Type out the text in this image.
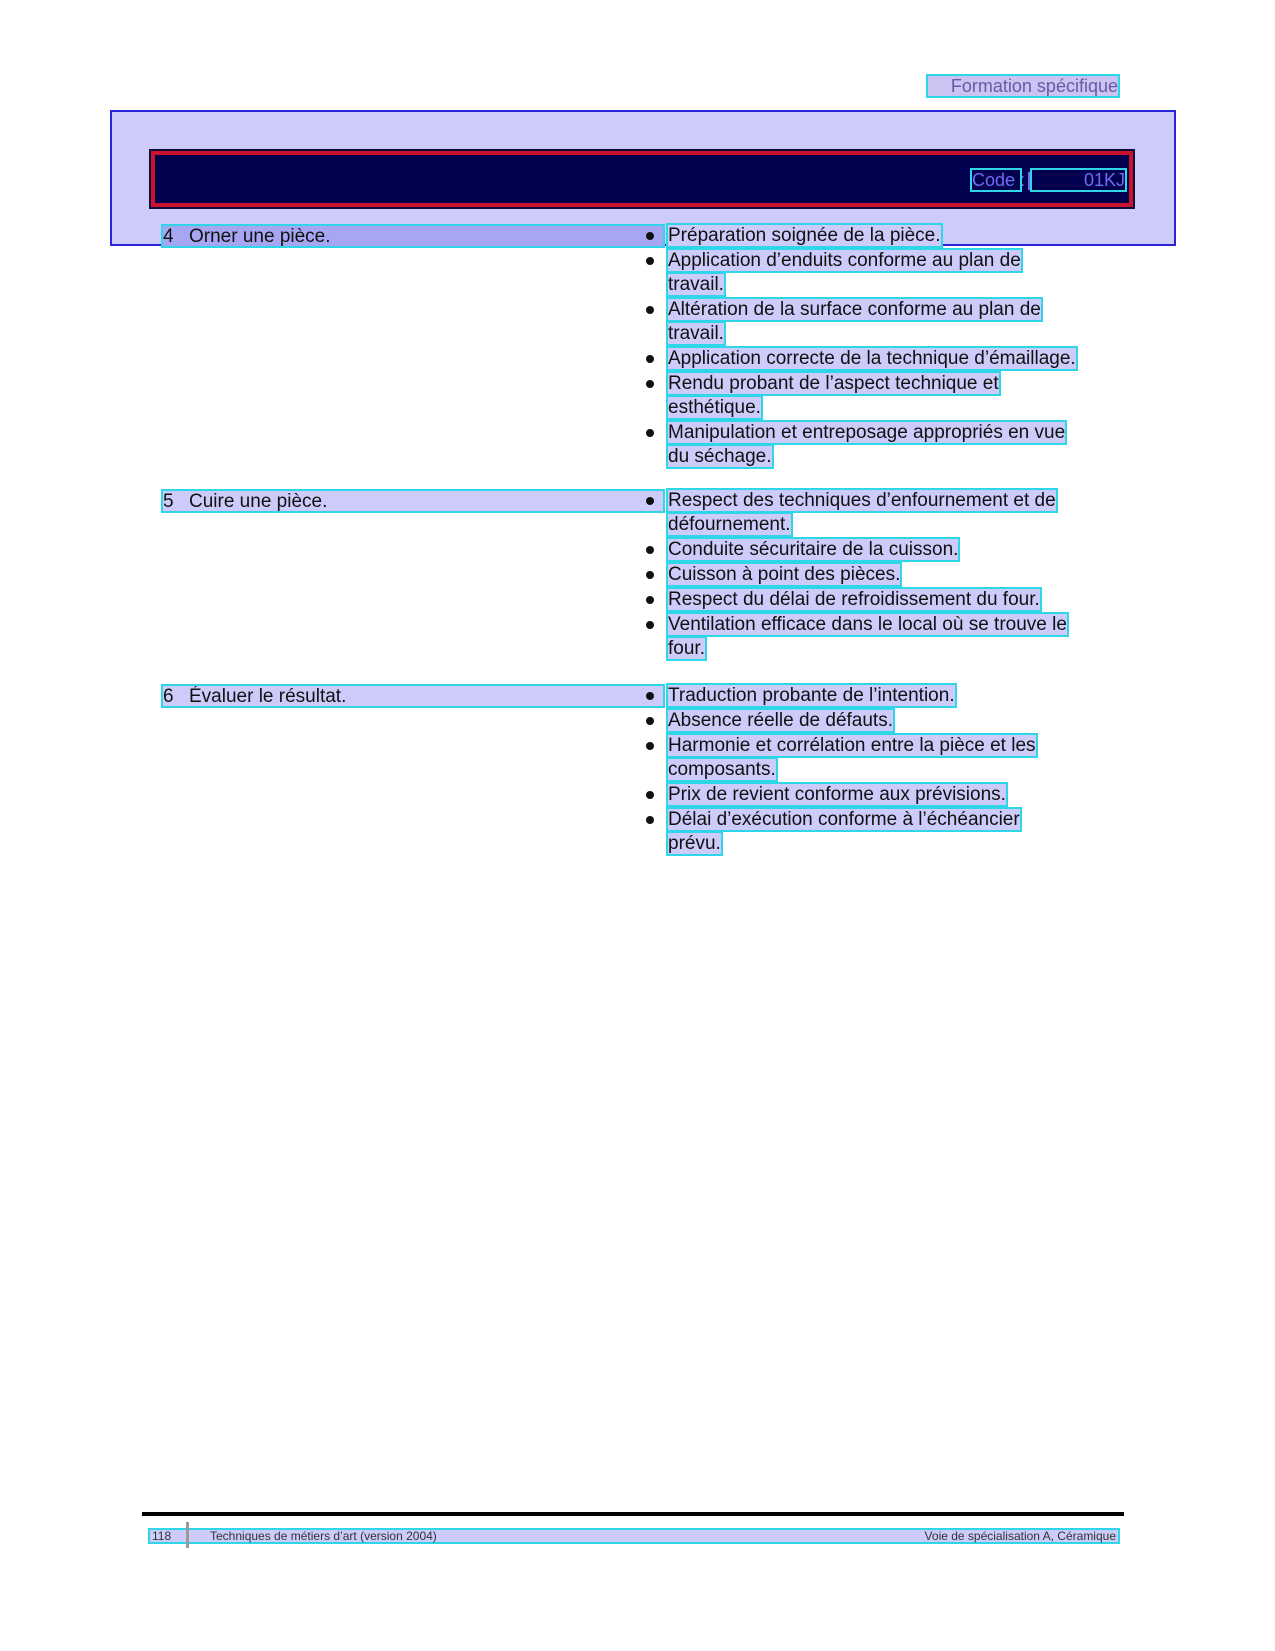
Formation spécifique
Code :	01KJ
4 Orner une pièce.	Préparation soignée de la pièce.
Application d’enduits conforme au plan de
travail.
Altération de la surface conforme au plan de
travail.
Application correcte de la technique d’émaillage.
Rendu probant de l’aspect technique et
esthétique.
Manipulation et entreposage appropriés en vue
du séchage.
5 Cuire une pièce.	Respect des techniques d’enfournement et de
défournement.
Conduite sécuritaire de la cuisson.
Cuisson à point des pièces.
Respect du délai de refroidissement du four.
Ventilation efficace dans le local où se trouve le
four.
6 Évaluer le résultat.	Traduction probante de l’intention.
Absence réelle de défauts.
Harmonie et corrélation entre la pièce et les
composants.
Prix de revient conforme aux prévisions.
Délai d’exécution conforme à l’échéancier
prévu.
118	Techniques de métiers d’art (version 2004)	Voie de spécialisation A, Céramique
